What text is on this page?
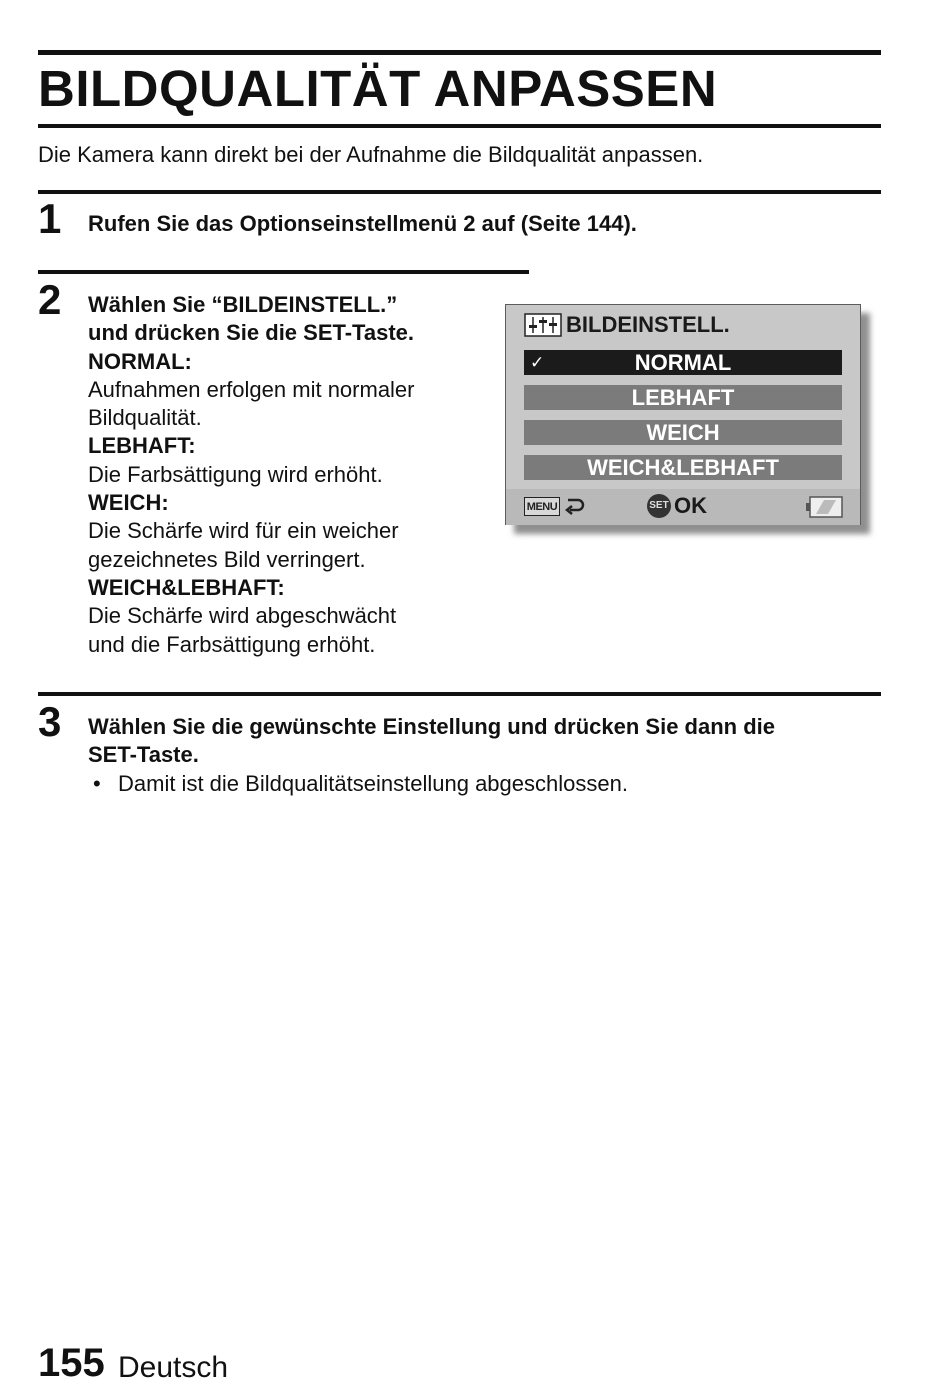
BILDQUALITÄT ANPASSEN
Die Kamera kann direkt bei der Aufnahme die Bildqualität anpassen.
1 Rufen Sie das Optionseinstellmenü 2 auf (Seite 144).
2 Wählen Sie “BILDEINSTELL.”
und drücken Sie die SET-Taste.
NORMAL:
Aufnahmen erfolgen mit normaler
Bildqualität.
LEBHAFT:
Die Farbsättigung wird erhöht.
WEICH:
Die Schärfe wird für ein weicher
gezeichnetes Bild verringert.
WEICH&LEBHAFT:
Die Schärfe wird abgeschwächt
und die Farbsättigung erhöht.
BILDEINSTELL.
✓	NORMAL
LEBHAFT
WEICH
WEICH&LEBHAFT
MENU	SET OK
3 Wählen Sie die gewünschte Einstellung und drücken Sie dann die
SET-Taste.
• Damit ist die Bildqualitätseinstellung abgeschlossen.
155 Deutsch
